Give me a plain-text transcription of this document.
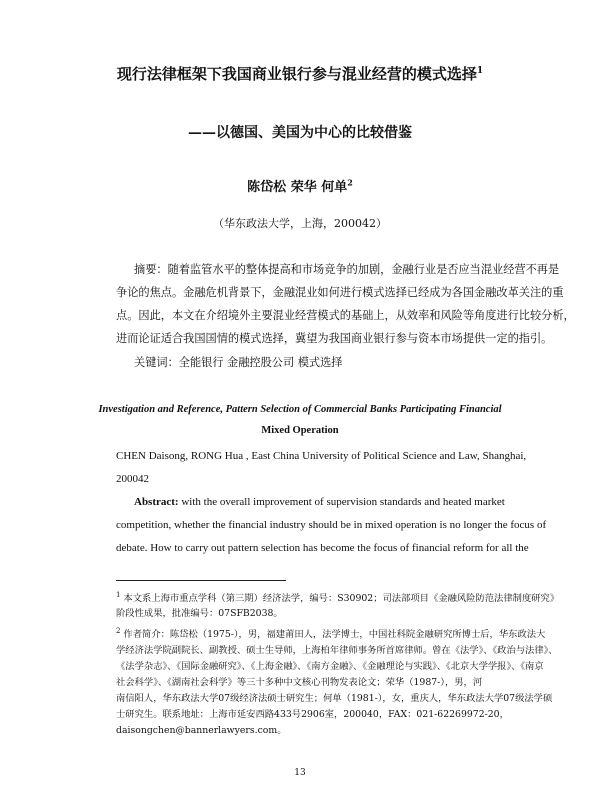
现行法律框架下我国商业银行参与混业经营的模式选择$^1$
——以德国、美国为中心的比较借鉴
陈岱松 荣华 何单$^2$
（华东政法大学，上海，200042）
摘要：随着监管水平的整体提高和市场竞争的加剧，金融行业是否应当混业经营不再是
争论的焦点。金融危机背景下，金融混业如何进行模式选择已经成为各国金融改革关注的重
点。因此，本文在介绍境外主要混业经营模式的基础上，从效率和风险等角度进行比较分析，
进而论证适合我国国情的模式选择，冀望为我国商业银行参与资本市场提供一定的指引。
关键词：全能银行 金融控股公司 模式选择
Investigation and Reference, Pattern Selection of Commercial Banks Participating Financial
Mixed Operation
CHEN Daisong, RONG Hua , East China University of Political Science and Law, Shanghai,
200042
Abstract: with the overall improvement of supervision standards and heated market
competition, whether the financial industry should be in mixed operation is no longer the focus of
debate. How to carry out pattern selection has become the focus of financial reform for all the
$^1$ 本文系上海市重点学科（第三期）经济法学，编号：S30902；司法部项目《金融风险防范法律制度研究》
阶段性成果，批准编号：07SFB2038。
$^2$ 作者简介：陈岱松（1975-），男，福建莆田人，法学博士，中国社科院金融研究所博士后，华东政法大
学经济法学院副院长、副教授、硕士生导师，上海柏年律师事务所首席律师。曾在《法学》、《政治与法律》、
《法学杂志》、《国际金融研究》、《上海金融》、《南方金融》、《金融理论与实践》、《北京大学学报》、《南京
社会科学》、《湖南社会科学》等三十多种中文核心刊物发表论文；荣华（1987-），男，河
南信阳人，华东政法大学07级经济法硕士研究生；何单（1981-），女，重庆人，华东政法大学07级法学硕
士研究生。联系地址：上海市延安西路433号2906室，200040，FAX：021-62269972-20，
daisongchen@bannerlawyers.com。
13
